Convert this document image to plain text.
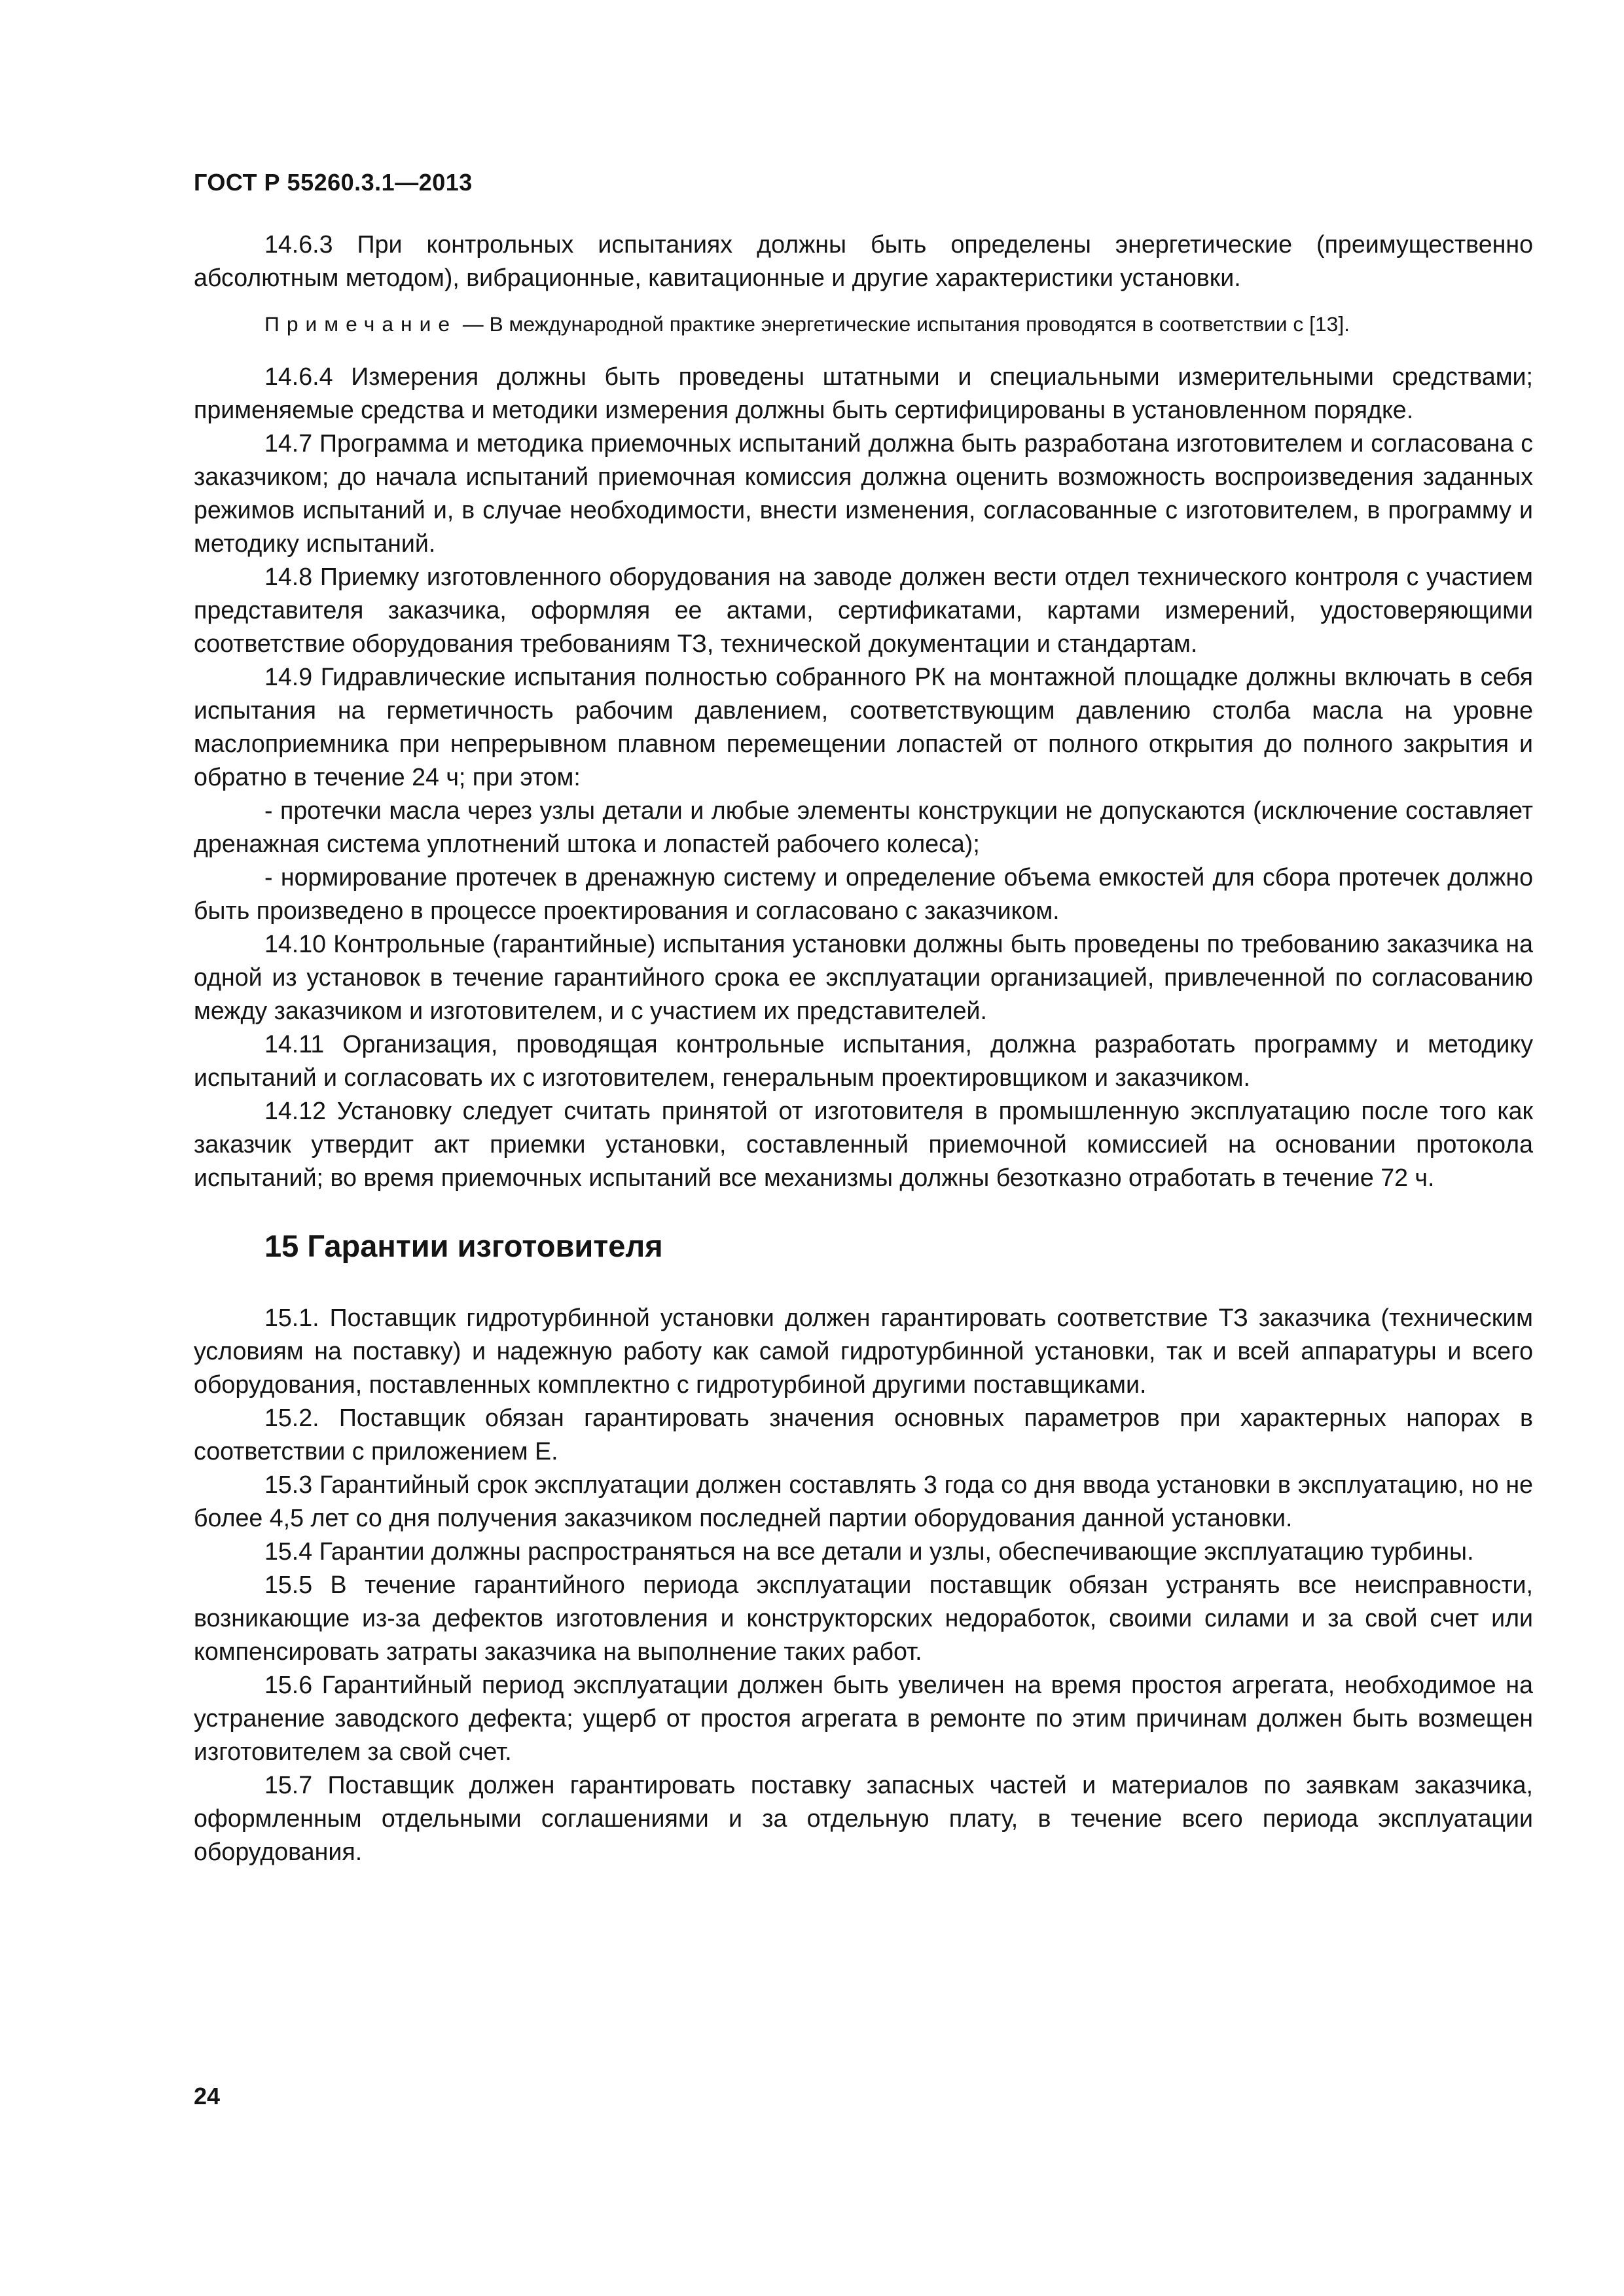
ГОСТ Р 55260.3.1—2013

14.6.3 При контрольных испытаниях должны быть определены энергетические (преимущественно абсолютным методом), вибрационные, кавитационные и другие характеристики установки.

Примечание — В международной практике энергетические испытания проводятся в соответствии с [13].

14.6.4 Измерения должны быть проведены штатными и специальными измерительными средствами; применяемые средства и методики измерения должны быть сертифицированы в установленном порядке.

14.7 Программа и методика приемочных испытаний должна быть разработана изготовителем и согласована с заказчиком; до начала испытаний приемочная комиссия должна оценить возможность воспроизведения заданных режимов испытаний и, в случае необходимости, внести изменения, согласованные с изготовителем, в программу и методику испытаний.

14.8 Приемку изготовленного оборудования на заводе должен вести отдел технического контроля с участием представителя заказчика, оформляя ее актами, сертификатами, картами измерений, удостоверяющими соответствие оборудования требованиям ТЗ, технической документации и стандартам.

14.9 Гидравлические испытания полностью собранного РК на монтажной площадке должны включать в себя испытания на герметичность рабочим давлением, соответствующим давлению столба масла на уровне маслоприемника при непрерывном плавном перемещении лопастей от полного открытия до полного закрытия и обратно в течение 24 ч; при этом:

- протечки масла через узлы детали и любые элементы конструкции не допускаются (исключение составляет дренажная система уплотнений штока и лопастей рабочего колеса);

- нормирование протечек в дренажную систему и определение объема емкостей для сбора протечек должно быть произведено в процессе проектирования и согласовано с заказчиком.

14.10 Контрольные (гарантийные) испытания установки должны быть проведены по требованию заказчика на одной из установок в течение гарантийного срока ее эксплуатации организацией, привлеченной по согласованию между заказчиком и изготовителем, и с участием их представителей.

14.11 Организация, проводящая контрольные испытания, должна разработать программу и методику испытаний и согласовать их с изготовителем, генеральным проектировщиком и заказчиком.

14.12 Установку следует считать принятой от изготовителя в промышленную эксплуатацию после того как заказчик утвердит акт приемки установки, составленный приемочной комиссией на основании протокола испытаний; во время приемочных испытаний все механизмы должны безотказно отработать в течение 72 ч.

15 Гарантии изготовителя

15.1. Поставщик гидротурбинной установки должен гарантировать соответствие ТЗ заказчика (техническим условиям на поставку) и надежную работу как самой гидротурбинной установки, так и всей аппаратуры и всего оборудования, поставленных комплектно с гидротурбиной другими поставщиками.

15.2. Поставщик обязан гарантировать значения основных параметров при характерных напорах в соответствии с приложением Е.

15.3 Гарантийный срок эксплуатации должен составлять 3 года со дня ввода установки в эксплуатацию, но не более 4,5 лет со дня получения заказчиком последней партии оборудования данной установки.

15.4 Гарантии должны распространяться на все детали и узлы, обеспечивающие эксплуатацию турбины.

15.5 В течение гарантийного периода эксплуатации поставщик обязан устранять все неисправности, возникающие из-за дефектов изготовления и конструкторских недоработок, своими силами и за свой счет или компенсировать затраты заказчика на выполнение таких работ.

15.6 Гарантийный период эксплуатации должен быть увеличен на время простоя агрегата, необходимое на устранение заводского дефекта; ущерб от простоя агрегата в ремонте по этим причинам должен быть возмещен изготовителем за свой счет.

15.7 Поставщик должен гарантировать поставку запасных частей и материалов по заявкам заказчика, оформленным отдельными соглашениями и за отдельную плату, в течение всего периода эксплуатации оборудования.

24
